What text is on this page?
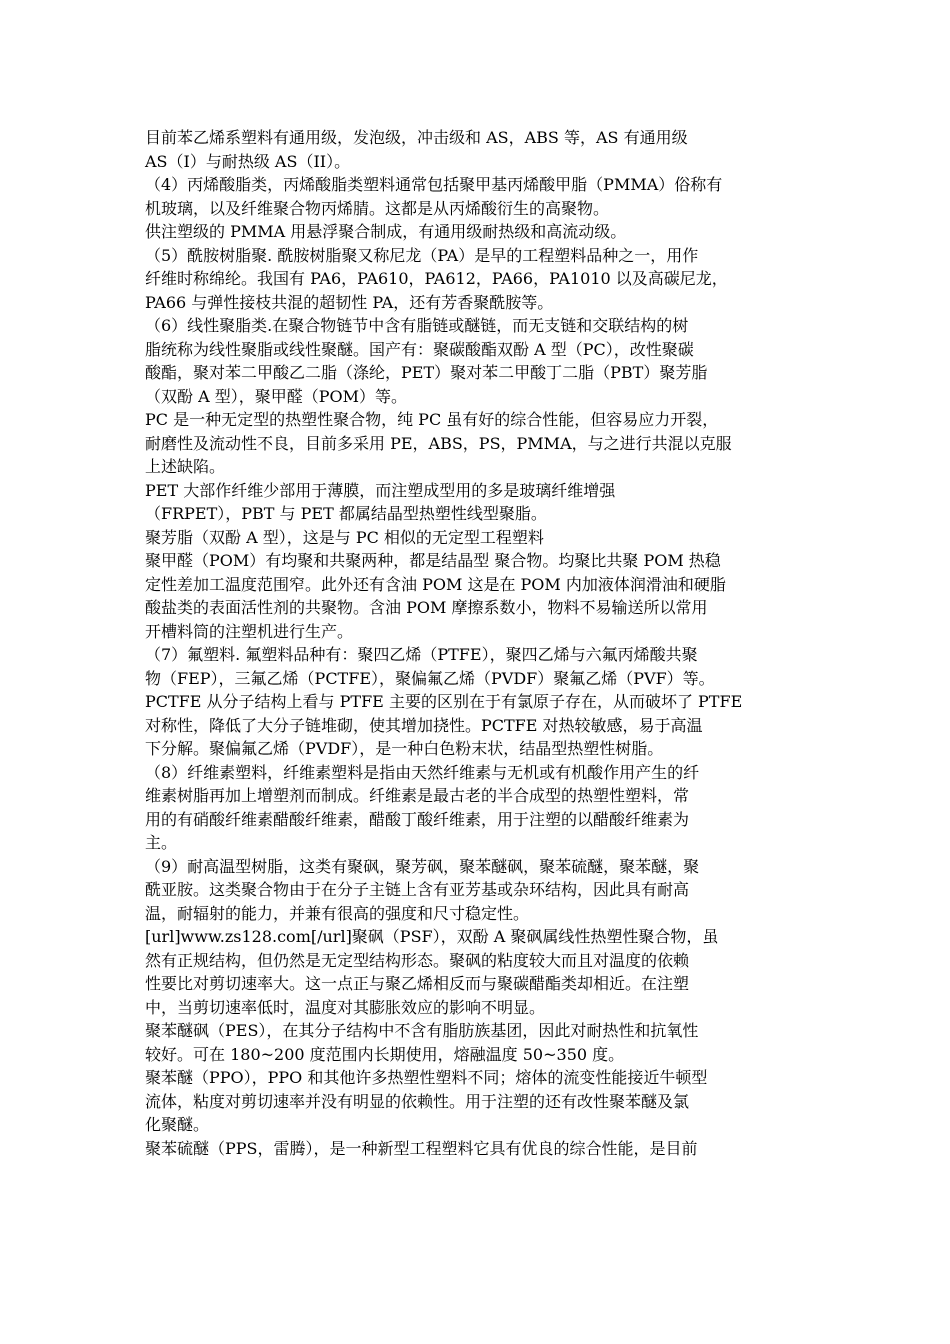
目前苯乙烯系塑料有通用级，发泡级，冲击级和 AS，ABS 等，AS 有通用级
AS（I）与耐热级 AS（II）。
（4）丙烯酸脂类，丙烯酸脂类塑料通常包括聚甲基丙烯酸甲脂（PMMA）俗称有
机玻璃，以及纤维聚合物丙烯腈。这都是从丙烯酸衍生的高聚物。
供注塑级的 PMMA 用悬浮聚合制成，有通用级耐热级和高流动级。
（5）酰胺树脂聚. 酰胺树脂聚又称尼龙（PA）是早的工程塑料品种之一，用作
纤维时称绵纶。我国有 PA6，PA610，PA612，PA66，PA1010 以及高碳尼龙，
PA66 与弹性接枝共混的超韧性 PA，还有芳香聚酰胺等。
（6）线性聚脂类.在聚合物链节中含有脂链或醚链，而无支链和交联结构的树
脂统称为线性聚脂或线性聚醚。国产有：聚碳酸酯双酚 A 型（PC），改性聚碳
酸酯，聚对苯二甲酸乙二脂（涤纶，PET）聚对苯二甲酸丁二脂（PBT）聚芳脂
（双酚 A 型），聚甲醛（POM）等。
PC 是一种无定型的热塑性聚合物，纯 PC 虽有好的综合性能，但容易应力开裂，
耐磨性及流动性不良，目前多采用 PE，ABS，PS，PMMA，与之进行共混以克服
上述缺陷。
PET 大部作纤维少部用于薄膜，而注塑成型用的多是玻璃纤维增强
（FRPET），PBT 与 PET 都属结晶型热塑性线型聚脂。
聚芳脂（双酚 A 型），这是与 PC 相似的无定型工程塑料
聚甲醛（POM）有均聚和共聚两种，都是结晶型 聚合物。均聚比共聚 POM 热稳
定性差加工温度范围窄。此外还有含油 POM 这是在 POM 内加液体润滑油和硬脂
酸盐类的表面活性剂的共聚物。含油 POM 摩擦系数小，物料不易输送所以常用
开槽料筒的注塑机进行生产。
（7）氟塑料. 氟塑料品种有：聚四乙烯（PTFE），聚四乙烯与六氟丙烯酸共聚
物（FEP），三氟乙烯（PCTFE），聚偏氟乙烯（PVDF）聚氟乙烯（PVF）等。
PCTFE 从分子结构上看与 PTFE 主要的区别在于有氯原子存在，从而破坏了 PTFE
对称性，降低了大分子链堆砌，使其增加挠性。PCTFE 对热较敏感，易于高温
下分解。聚偏氟乙烯（PVDF），是一种白色粉末状，结晶型热塑性树脂。
（8）纤维素塑料，纤维素塑料是指由天然纤维素与无机或有机酸作用产生的纤
维素树脂再加上增塑剂而制成。纤维素是最古老的半合成型的热塑性塑料，常
用的有硝酸纤维素醋酸纤维素，醋酸丁酸纤维素，用于注塑的以醋酸纤维素为
主。
（9）耐高温型树脂，这类有聚砜，聚芳砜，聚苯醚砜，聚苯硫醚，聚苯醚，聚
酰亚胺。这类聚合物由于在分子主链上含有亚芳基或杂环结构，因此具有耐高
温，耐辐射的能力，并兼有很高的强度和尺寸稳定性。
[url]www.zs128.com[/url]聚砜（PSF），双酚 A 聚砜属线性热塑性聚合物，虽
然有正规结构，但仍然是无定型结构形态。聚砜的粘度较大而且对温度的依赖
性要比对剪切速率大。这一点正与聚乙烯相反而与聚碳醋酯类却相近。在注塑
中，当剪切速率低时，温度对其膨胀效应的影响不明显。
聚苯醚砜（PES），在其分子结构中不含有脂肪族基团，因此对耐热性和抗氧性
较好。可在 180~200 度范围内长期使用，熔融温度 50~350 度。
聚苯醚（PPO），PPO 和其他许多热塑性塑料不同；熔体的流变性能接近牛顿型
流体，粘度对剪切速率并没有明显的依赖性。用于注塑的还有改性聚苯醚及氯
化聚醚。
聚苯硫醚（PPS，雷腾），是一种新型工程塑料它具有优良的综合性能，是目前
